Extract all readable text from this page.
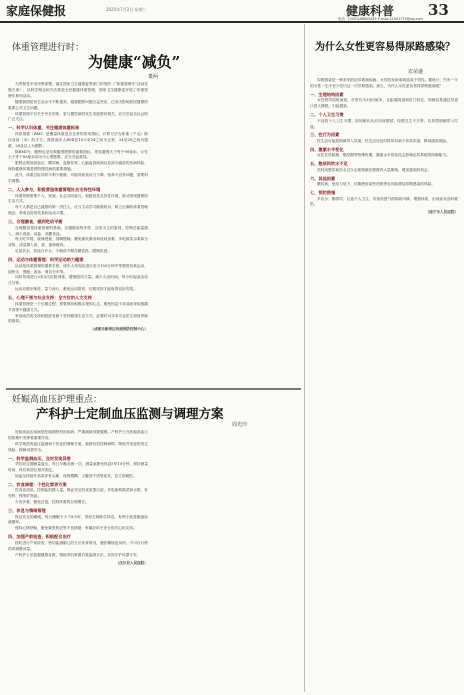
家庭保健报	2025年7月2日 星期三	健康科普 33
电话：(0451)86655045 E-mail:21941770@qq.com
体重管理进行时：
为健康“减负”
董两

为贯彻党中央决策部署，落实国家卫生健康委等部门印发的《“体重管理年”活动实施方案》，以科学理念和方法推进全民健康体重管理，国家卫生健康委开展了体重管理年系列活动。

随着我国居民生活水平不断提高，超重肥胖问题日益突出，已成为影响居民健康的重要公共卫生问题。

体重管理不仅关乎外在形象，更与慢性病的发生发展密切相关，应当引起全社会的广泛关注。

一、科学认识体重，关注健康体重标准

体质指数（BMI）是衡量体重是否正常的常用指标，计算方法为体重（千克）除以身高（米）的平方。我国成年人BMI在18.5至24之间为正常，24至28之间为超重，28及以上为肥胖。

除BMI外，腰围也是反映腹型肥胖的重要指标，男性腰围大于等于90厘米、女性大于等于85厘米即为中心型肥胖，应当引起重视。

肥胖会增加高血压、糖尿病、血脂异常、心脑血管疾病以及部分癌症的发病风险，保持健康体重是预防慢性病的重要措施。

此外，体重过轻同样不利于健康，可能导致免疫力下降、营养不良等问题，需要科学调整。

二、人人参与，积极营造体重管理社会支持性环境

体重管理需要个人、家庭、社会共同参与，积极营造支持性环境，推动形成健康的生活方式。

每个人都是自己健康的第一责任人，应当主动学习健康知识，树立正确的体重管理理念，养成良好的饮食和运动习惯。

三、合理膳食，做到吃动平衡

合理膳食是体重管理的基础，应遵循食物多样、谷类为主的原则，控制总能量摄入，减少高油、高盐、高糖食品。

每天吃早餐，规律进餐，细嚼慢咽，避免暴饮暴食和夜间加餐，多吃蔬菜水果和全谷物，适量摄入鱼、禽、蛋和瘦肉。

足量饮水，首选白开水，少喝或不喝含糖饮料，限制饮酒。

四、运动与体重管理：科学运动助力健康

运动是体重管理的重要手段，成年人每周应进行至少150分钟中等强度有氧运动，如快走、慢跑、游泳、骑自行车等。

同时每周进行2至3次抗阻训练，增强肌肉力量。减少久坐时间，每小时起身活动几分钟。

运动应循序渐进、量力而行，避免运动损伤，长期坚持才能取得良好效果。

五、心理干预与社会支持：全方位的人文支持

体重管理是一个长期过程，需要保持积极乐观的心态，避免因急于求成而采取极端节食等不健康方式。

家庭成员的支持和鼓励有助于坚持健康生活方式，必要时可寻求专业医生和营养师的指导。

（成都市新津区疾病预防控制中心）
妊娠高血压护理重点：
产科护士定制血压监测与调理方案
周光玲

妊娠高血压疾病是妊娠期特有的疾病，严重威胁母婴健康。产科护士在妊娠高血压的管理中发挥着重要作用。

科学规范的血压监测和个性化的调理方案，能够有效控制病情，降低并发症的发生风险，保障母婴安全。

一、科学监测血压，及时发现异常

孕妇应定期测量血压，每日早晚各测一次，测量前静坐休息5至10分钟，保持测量时间、体位和部位相对固定。

如血压持续升高或伴有头痛、视物模糊、上腹部不适等症状，应立即就医。

二、饮食调理：个性化营养方案

饮食宜清淡，控制盐的摄入量，保证充足的优质蛋白质，多吃新鲜蔬菜和水果，补充钙、镁等矿物质。

少食多餐，避免过饱，控制体重的合理增长。

三、休息与情绪管理

保证充足的睡眠，每日睡眠不少于8小时，采取左侧卧位休息，有利于改善胎盘血液循环。

保持心情舒畅，避免紧张焦虑等不良情绪，家属应给予充分的关心和支持。

四、加强产前检查，积极配合治疗

按时进行产前检查，密切监测胎儿的生长发育情况，遵医嘱规范用药，不可自行停药或调整剂量。

产科护士应加强健康宣教，帮助孕妇掌握自我监测方法，共同守护母婴平安。

（汉川县人民医院）
为什么女性更容易得尿路感染？
农荣盛

尿路感染是一种常见的泌尿系统疾病，女性的发病率明显高于男性。据统计，约有一半的女性一生中至少经历过一次尿路感染。那么，为什么女性更容易得尿路感染呢？

一、生理结构因素

女性的尿道短而宽，长度仅为3至5厘米，且距离阴道和肛门较近，细菌容易通过尿道口进入膀胱，引起感染。

二、个人卫生习惯

不良的个人卫生习惯，如如厕后从后向前擦拭、经期卫生不当等，容易将细菌带入尿道。

三、性行为因素

性生活可能将细菌带入尿道，性生活后及时排尿有助于冲洗尿道，降低感染风险。

四、激素水平变化

女性在妊娠期、绝经期等特殊时期，激素水平的变化会影响泌尿系统的防御能力。

五、憋尿和饮水不足

长时间憋尿和饮水过少会使细菌在膀胱内大量繁殖，增加感染的机会。

六、其他因素

糖尿病、免疫力低下、长期使用某些药物等也可能增加尿路感染的风险。

七、预防措施

多饮水、勤排尿，注意个人卫生，穿宽松透气的棉质内裤，增强体质，出现症状及时就医。

（南宁市人民医院）
